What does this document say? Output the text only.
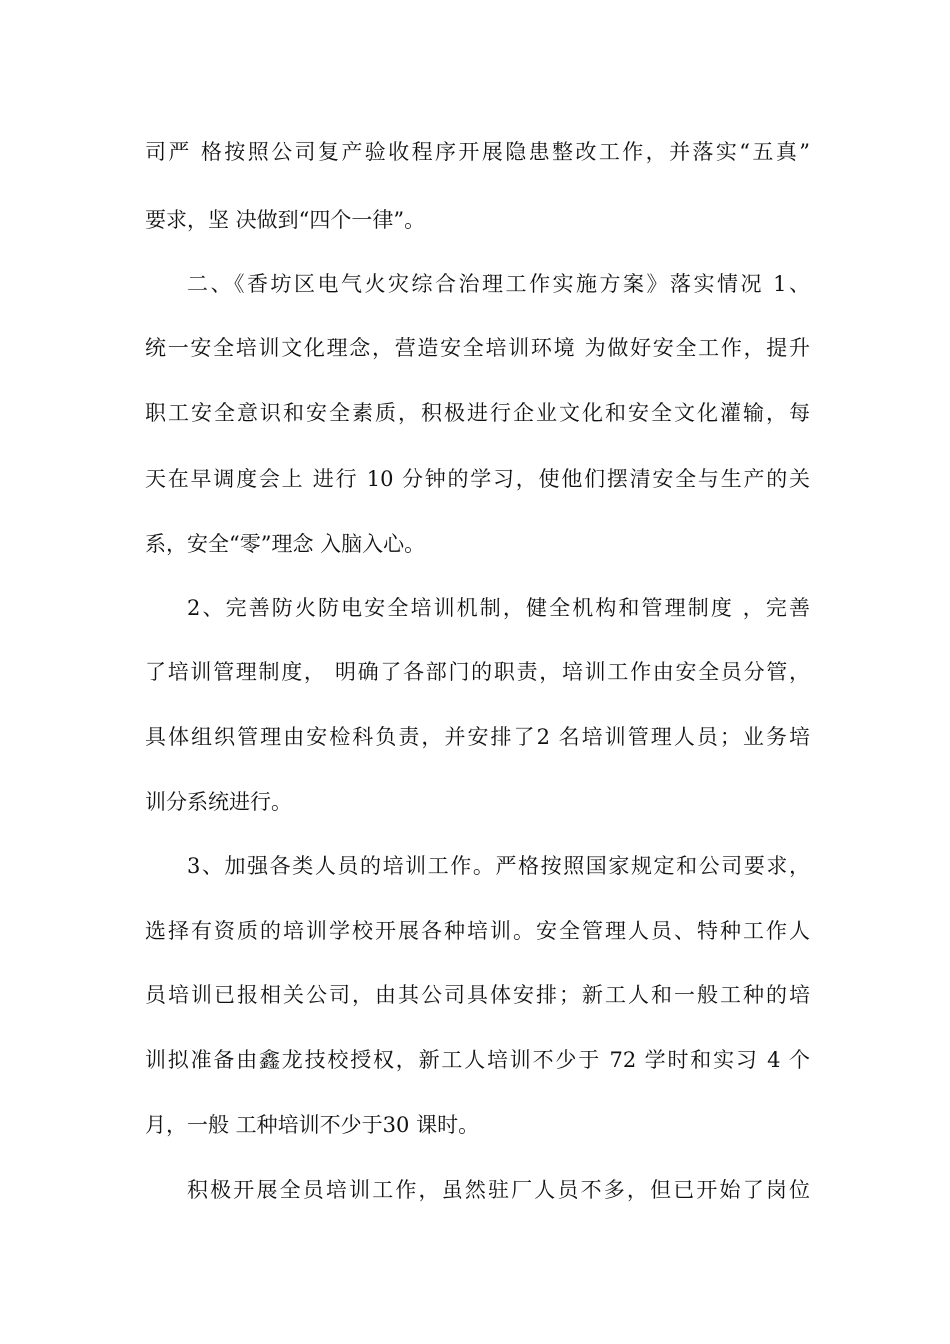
司严 格按照公司复产验收程序开展隐患整改工作，并落实“五真”
要求，坚 决做到“四个一律”。
二、《香坊区电气火灾综合治理工作实施方案》落实情况 1、
统一安全培训文化理念，营造安全培训环境 为做好安全工作，提升
职工安全意识和安全素质，积极进行企业文化和安全文化灌输，每
天在早调度会上 进行 10 分钟的学习，使他们摆清安全与生产的关
系，安全“零”理念 入脑入心。
2、完善防火防电安全培训机制，健全机构和管理制度 ，完善
了培训管理制度， 明确了各部门的职责，培训工作由安全员分管，
具体组织管理由安检科负责，并安排了2 名培训管理人员；业务培
训分系统进行。
3、加强各类人员的培训工作。严格按照国家规定和公司要求，
选择有资质的培训学校开展各种培训。安全管理人员、特种工作人
员培训已报相关公司，由其公司具体安排；新工人和一般工种的培
训拟准备由鑫龙技校授权，新工人培训不少于 72 学时和实习 4 个
月，一般 工种培训不少于30 课时。
积极开展全员培训工作，虽然驻厂人员不多，但已开始了岗位
